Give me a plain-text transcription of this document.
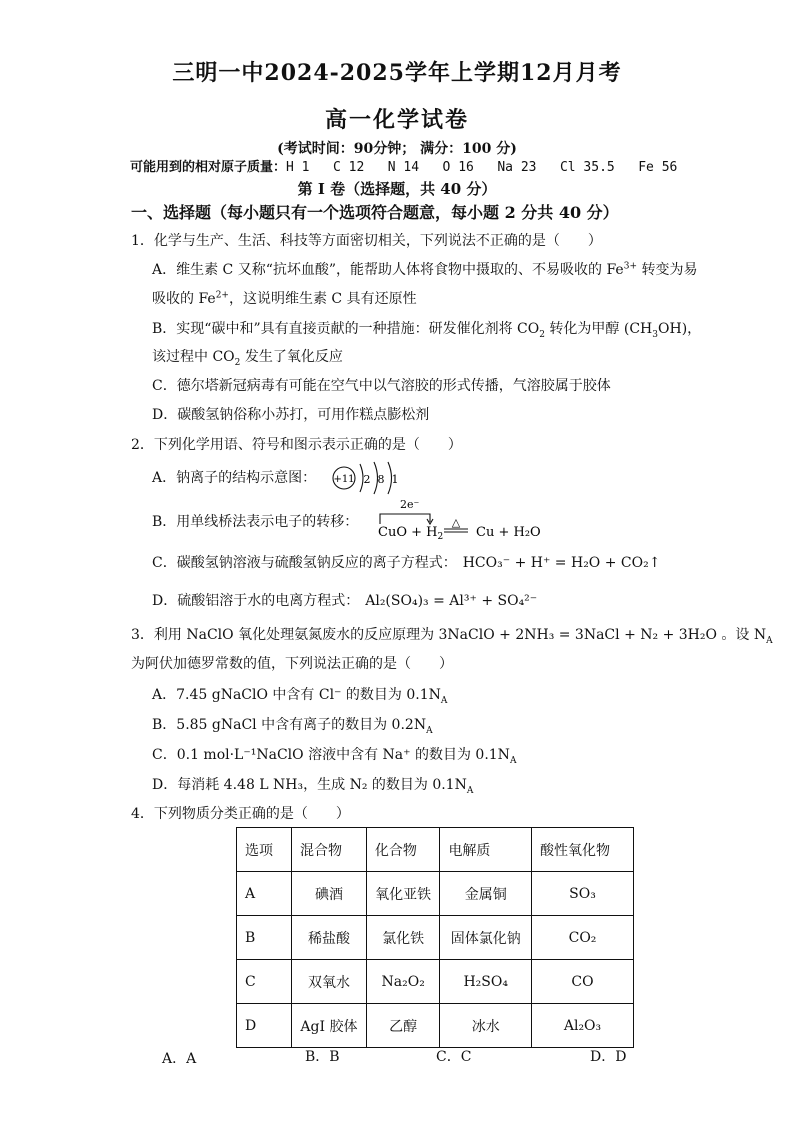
三明一中2024-2025学年上学期12月月考
高一化学试卷
(考试时间：90分钟； 满分：100 分)
可能用到的相对原子质量：H 1   C 12   N 14   O 16   Na 23   Cl 35.5   Fe 56
第 I 卷（选择题，共 40 分）
一、选择题（每小题只有一个选项符合题意，每小题 2 分共 40 分）
1．化学与生产、生活、科技等方面密切相关，下列说法不正确的是（　　）
A．维生素 C 又称“抗坏血酸”，能帮助人体将食物中摄取的、不易吸收的 $Fe^{3+}$ 转变为易
吸收的 $Fe^{2+}$，这说明维生素 C 具有还原性
B．实现“碳中和”具有直接贡献的一种措施：研发催化剂将 $CO_2$ 转化为甲醇 $(CH_3OH)$，
该过程中 $CO_2$ 发生了氧化反应
C．德尔塔新冠病毒有可能在空气中以气溶胶的形式传播，气溶胶属于胶体
D．碳酸氢钠俗称小苏打，可用作糕点膨松剂
2．下列化学用语、符号和图示表示正确的是（　　）
A．钠离子的结构示意图： +11 2 8 1
B．用单线桥法表示电子的转移：
2e⁻
CuO + $H_2$
△
Cu + H₂O
C．碳酸氢钠溶液与硫酸氢钠反应的离子方程式： HCO₃⁻ + H⁺ = H₂O + CO₂↑
D．硫酸铝溶于水的电离方程式： Al₂(SO₄)₃ = Al³⁺ + SO₄²⁻
3．利用 NaClO 氧化处理氨氮废水的反应原理为 3NaClO + 2NH₃ = 3NaCl + N₂ + 3H₂O 。设 $N_A$
为阿伏加德罗常数的值，下列说法正确的是（　　）
A．7.45 gNaClO 中含有 Cl⁻ 的数目为 $0.1N_A$
B．5.85 gNaCl 中含有离子的数目为 $0.2N_A$
C．0.1 mol·L⁻¹NaClO 溶液中含有 Na⁺ 的数目为 $0.1N_A$
D．每消耗 4.48 L NH₃，生成 N₂ 的数目为 $0.1N_A$
4．下列物质分类正确的是（　　）
选项	混合物	化合物	电解质	酸性氧化物
A	碘酒	氧化亚铁	金属铜	SO₃
B	稀盐酸	氯化铁	固体氯化钠	CO₂
C	双氧水	Na₂O₂	H₂SO₄	CO
D	AgI 胶体	乙醇	冰水	Al₂O₃
A．A	B．B	C．C	D．D
